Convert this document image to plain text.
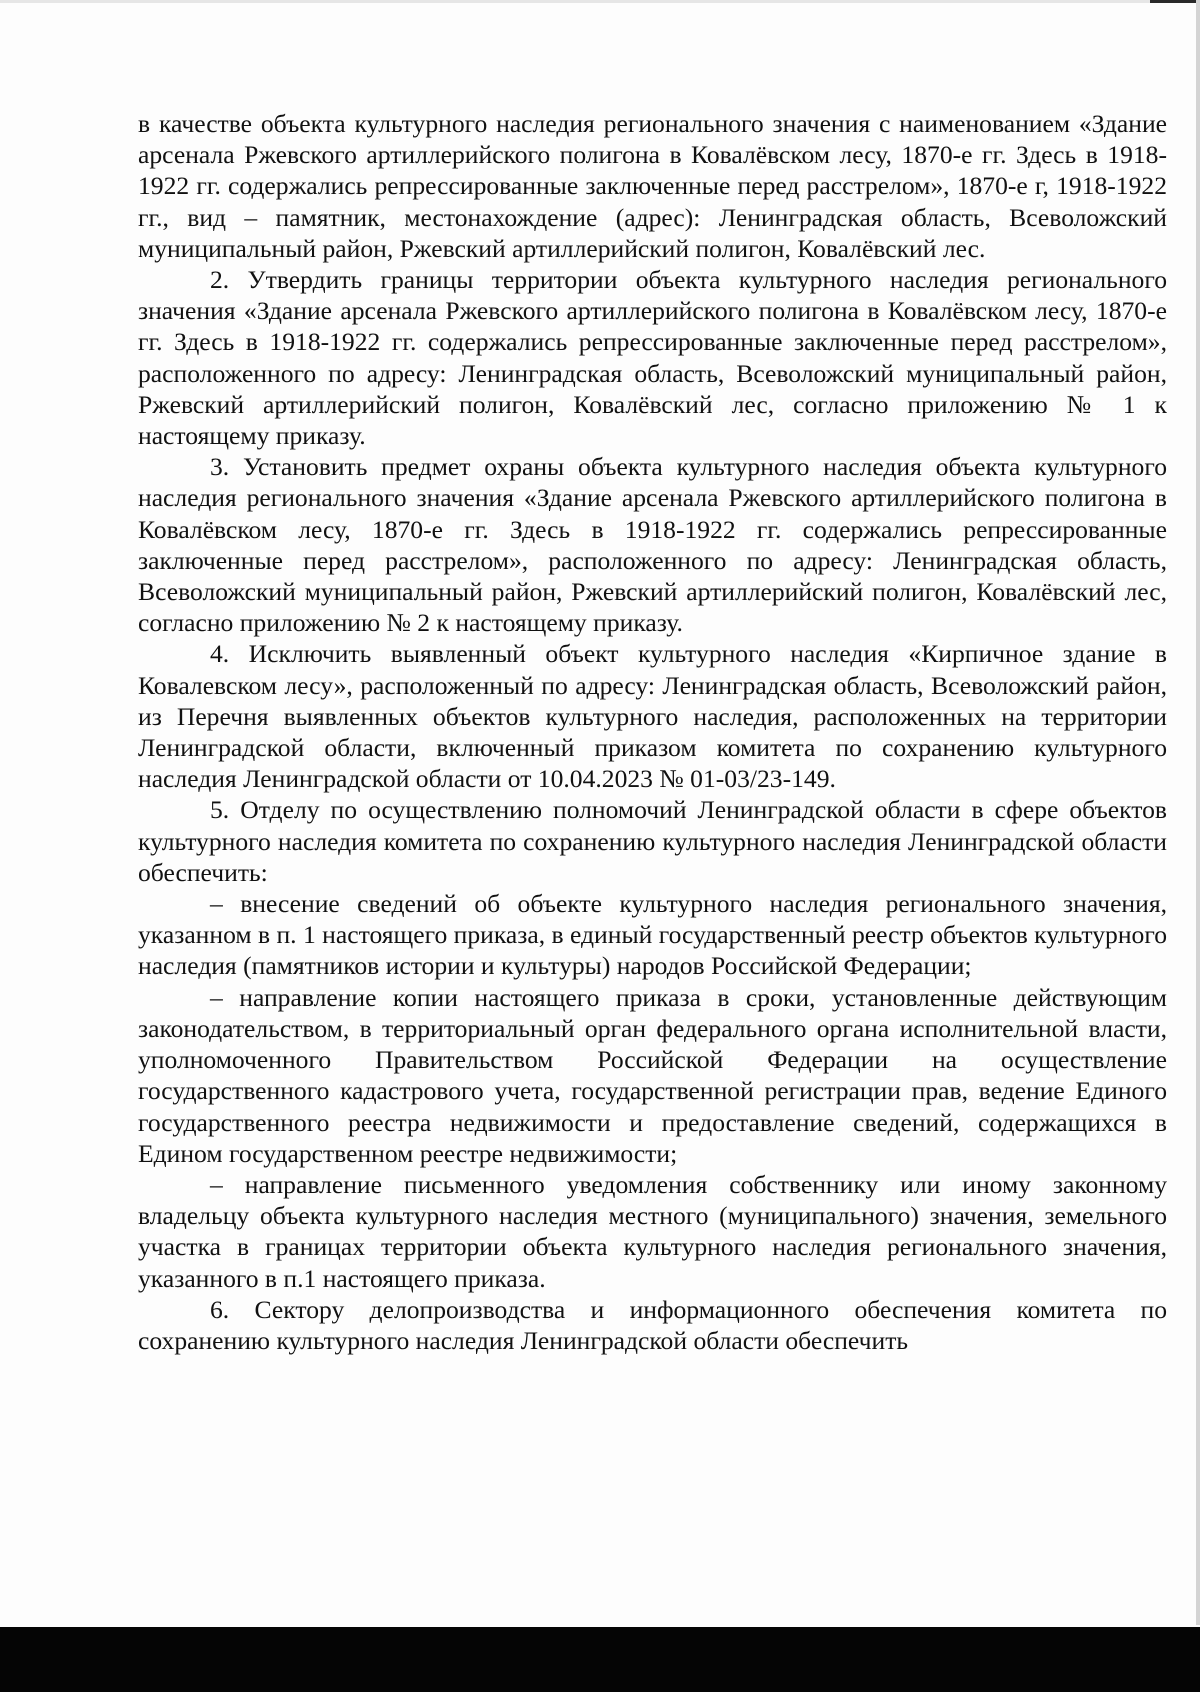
в качестве объекта культурного наследия регионального значения с наименованием «Здание арсенала Ржевского артиллерийского полигона в Ковалёвском лесу, 1870-е гг. Здесь в 1918-1922 гг. содержались репрессированные заключенные перед расстрелом», 1870-е г, 1918-1922 гг., вид – памятник, местонахождение (адрес): Ленинградская область, Всеволожский муниципальный район, Ржевский артиллерийский полигон, Ковалёвский лес.

2. Утвердить границы территории объекта культурного наследия регионального значения «Здание арсенала Ржевского артиллерийского полигона в Ковалёвском лесу, 1870-е гг. Здесь в 1918-1922 гг. содержались репрессированные заключенные перед расстрелом», расположенного по адресу: Ленинградская область, Всеволожский муниципальный район, Ржевский артиллерийский полигон, Ковалёвский лес, согласно приложению № 1 к настоящему приказу.

3. Установить предмет охраны объекта культурного наследия объекта культурного наследия регионального значения «Здание арсенала Ржевского артиллерийского полигона в Ковалёвском лесу, 1870-е гг. Здесь в 1918-1922 гг. содержались репрессированные заключенные перед расстрелом», расположенного по адресу: Ленинградская область, Всеволожский муниципальный район, Ржевский артиллерийский полигон, Ковалёвский лес, согласно приложению № 2 к настоящему приказу.

4. Исключить выявленный объект культурного наследия «Кирпичное здание в Ковалевском лесу», расположенный по адресу: Ленинградская область, Всеволожский район, из Перечня выявленных объектов культурного наследия, расположенных на территории Ленинградской области, включенный приказом комитета по сохранению культурного наследия Ленинградской области от 10.04.2023 № 01-03/23-149.

5. Отделу по осуществлению полномочий Ленинградской области в сфере объектов культурного наследия комитета по сохранению культурного наследия Ленинградской области обеспечить:

– внесение сведений об объекте культурного наследия регионального значения, указанном в п. 1 настоящего приказа, в единый государственный реестр объектов культурного наследия (памятников истории и культуры) народов Российской Федерации;

– направление копии настоящего приказа в сроки, установленные действующим законодательством, в территориальный орган федерального органа исполнительной власти, уполномоченного Правительством Российской Федерации на осуществление государственного кадастрового учета, государственной регистрации прав, ведение Единого государственного реестра недвижимости и предоставление сведений, содержащихся в Едином государственном реестре недвижимости;

– направление письменного уведомления собственнику или иному законному владельцу объекта культурного наследия местного (муниципального) значения, земельного участка в границах территории объекта культурного наследия регионального значения, указанного в п.1 настоящего приказа.

6. Сектору делопроизводства и информационного обеспечения комитета по сохранению культурного наследия Ленинградской области обеспечить
